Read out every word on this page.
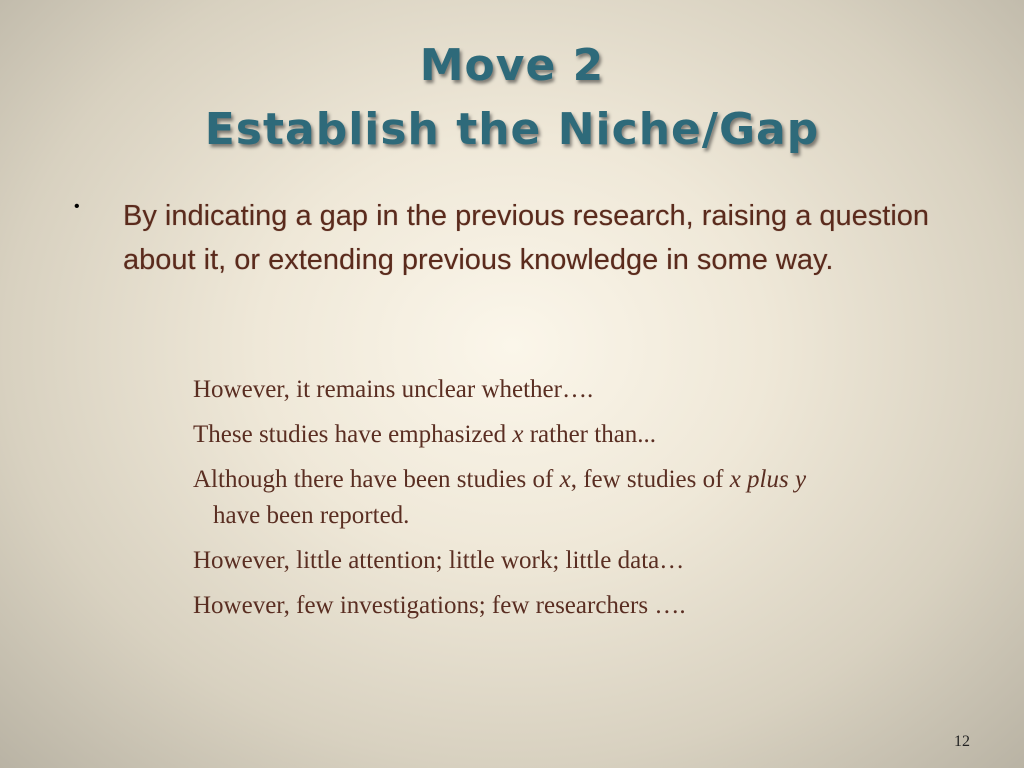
Move 2
Establish the Niche/Gap
• By indicating a gap in the previous research, raising a question about it, or extending previous knowledge in some way.
However, it remains unclear whether….
These studies have emphasized x rather than...
Although there have been studies of x, few studies of x plus y
have been reported.
However, little attention; little work; little data…
However, few investigations; few researchers ….
12
